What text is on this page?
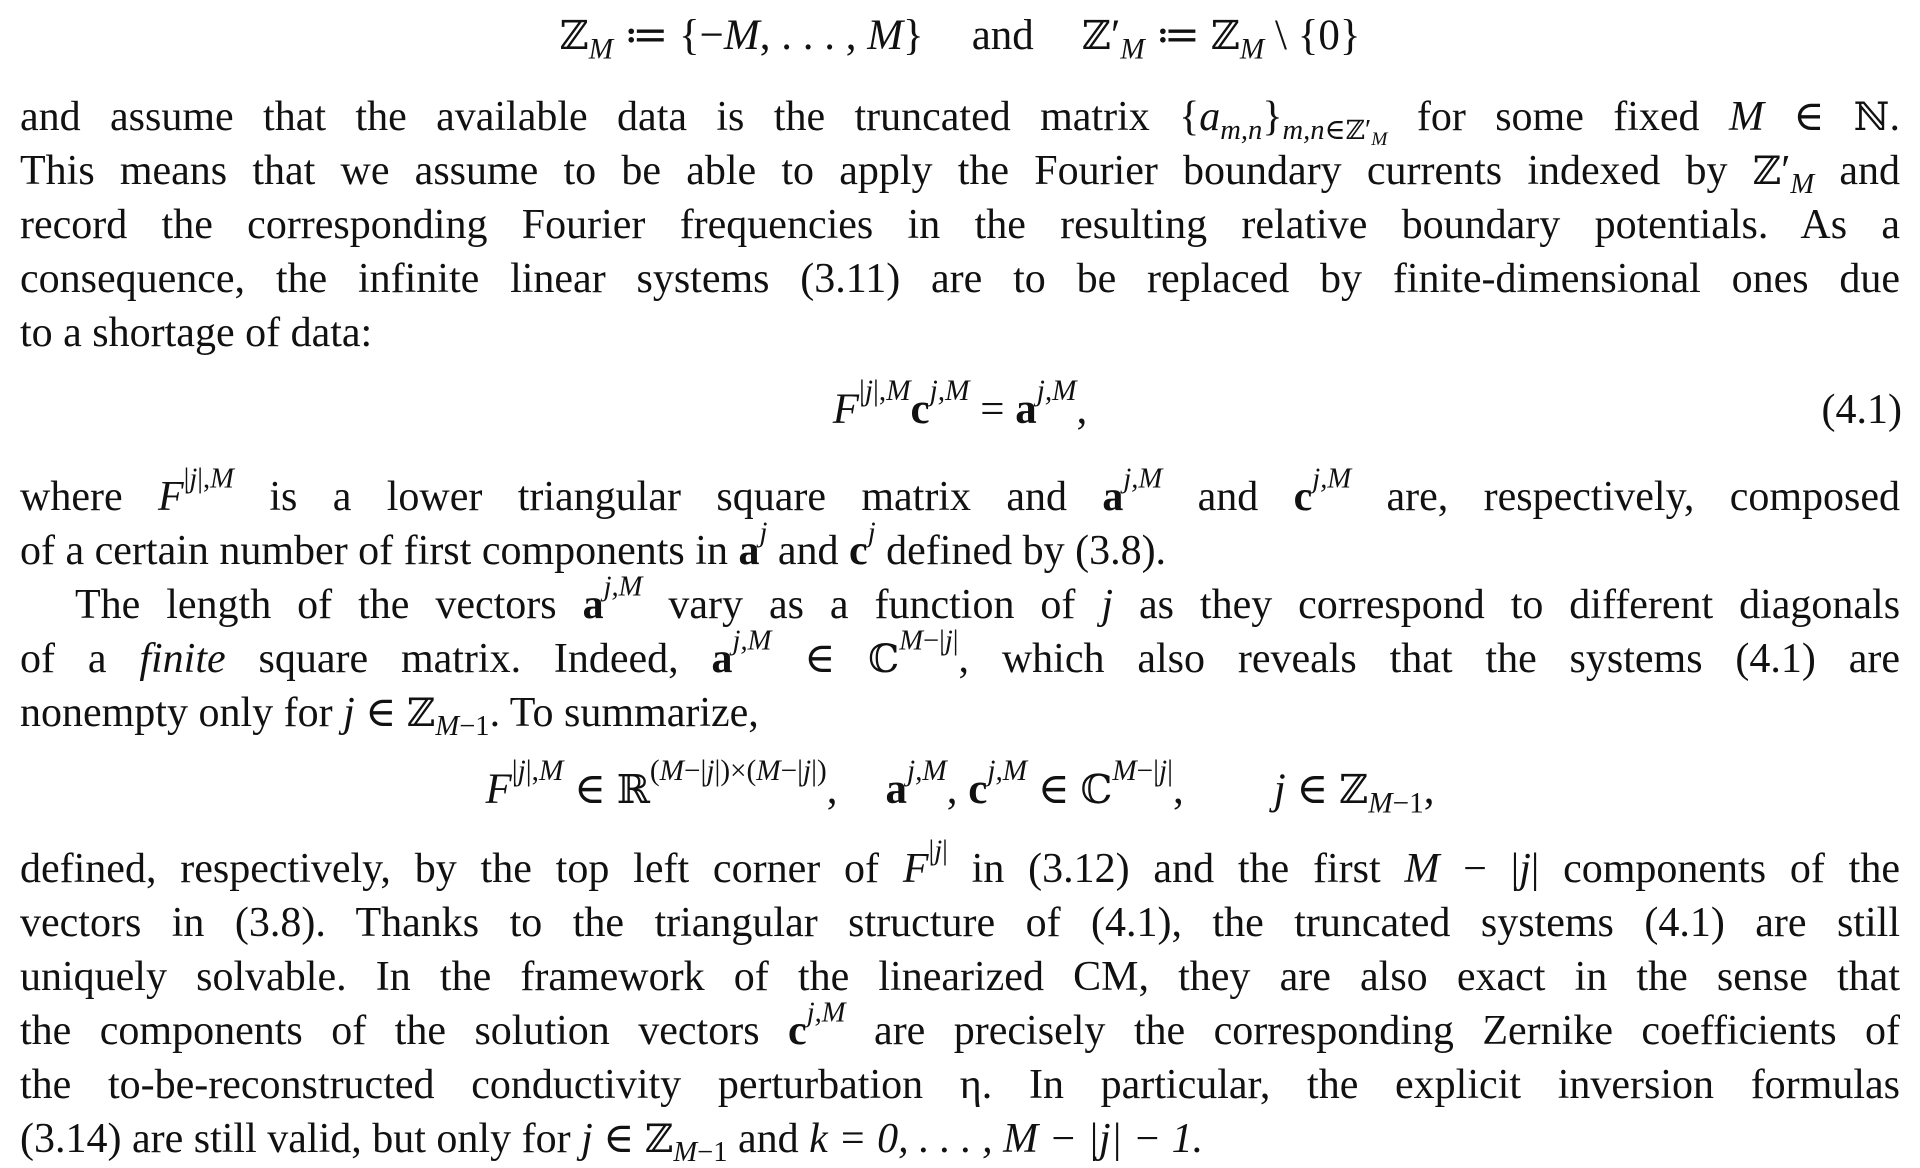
ℤ$_M$ ≔ {−M, . . . , M} and $ℤ'_M$ ≔ ℤ$_M$ \ {0}
and assume that the available data is the truncated matrix $\{a_{m,n}\}_{m,n\in ℤ'_M}$ for some fixed M ∈ ℕ.
This means that we assume to be able to apply the Fourier boundary currents indexed by $ℤ'_M$ and
record the corresponding Fourier frequencies in the resulting relative boundary potentials. As a
consequence, the infinite linear systems (3.11) are to be replaced by finite-dimensional ones due
to a shortage of data:
$F^{|j|,M}c^{j,M} = a^{j,M}$,	(4.1)
where $F^{|j|,M}$ is a lower triangular square matrix and $a^{j,M}$ and $c^{j,M}$ are, respectively, composed
of a certain number of first components in $a^j$ and $c^j$ defined by (3.8).
The length of the vectors $a^{j,M}$ vary as a function of j as they correspond to different diagonals
of a finite square matrix. Indeed, $a^{j,M}$ ∈ ℂ$^{M-|j|}$, which also reveals that the systems (4.1) are
nonempty only for j ∈ ℤ$_{M-1}$. To summarize,
$F^{|j|,M}$ ∈ ℝ$^{(M-|j|)\times(M-|j|)}$, $a^{j,M}$, $c^{j,M}$ ∈ ℂ$^{M-|j|}$, j ∈ ℤ$_{M-1}$,
defined, respectively, by the top left corner of $F^{|j|}$ in (3.12) and the first M − |j| components of the
vectors in (3.8). Thanks to the triangular structure of (4.1), the truncated systems (4.1) are still
uniquely solvable. In the framework of the linearized CM, they are also exact in the sense that
the components of the solution vectors $c^{j,M}$ are precisely the corresponding Zernike coefficients of
the to-be-reconstructed conductivity perturbation η. In particular, the explicit inversion formulas
(3.14) are still valid, but only for j ∈ ℤ$_{M-1}$ and k = 0, . . . , M − |j| − 1.
